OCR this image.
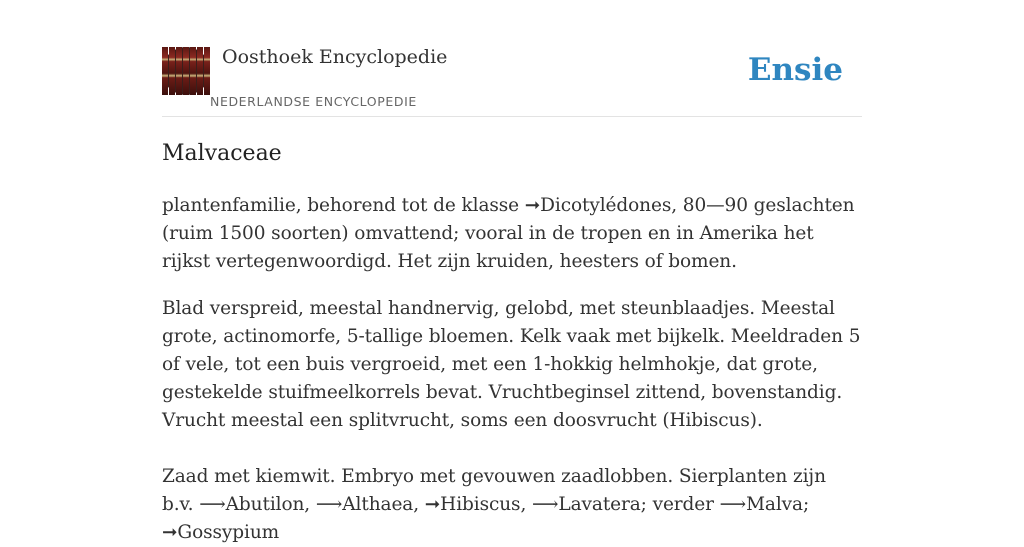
Oosthoek Encyclopedie
NEDERLANDSE ENCYCLOPEDIE
Ensie
Malvaceae

plantenfamilie, behorend tot de klasse ➞Dicotylédones, 80—90 geslachten (ruim 1500 soorten) omvattend; vooral in de tropen en in Amerika het rijkst vertegenwoordigd. Het zijn kruiden, heesters of bomen.

Blad verspreid, meestal handnervig, gelobd, met steunblaadjes. Meestal grote, actinomorfe, 5-tallige bloemen. Kelk vaak met bijkelk. Meeldraden 5 of vele, tot een buis vergroeid, met een 1-hokkig helmhokje, dat grote, gestekelde stuifmeelkorrels bevat. Vruchtbeginsel zittend, bovenstandig. Vrucht meestal een splitvrucht, soms een doosvrucht (Hibiscus).

Zaad met kiemwit. Embryo met gevouwen zaadlobben. Sierplanten zijn b.v. ⟶Abutilon, ⟶Althaea, ➞Hibiscus, ⟶Lavatera; verder ⟶Malva; ➞Gossypium
